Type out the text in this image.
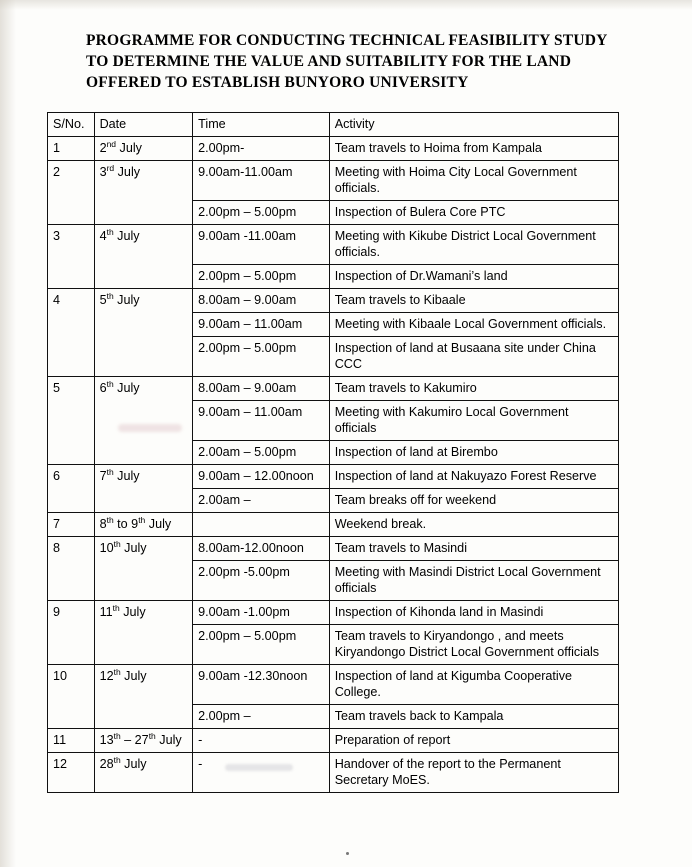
PROGRAMME FOR CONDUCTING TECHNICAL FEASIBILITY STUDY
TO DETERMINE THE VALUE AND SUITABILITY FOR THE LAND
OFFERED TO ESTABLISH BUNYORO UNIVERSITY
S/No.	Date	Time	Activity
1	2nd July	2.00pm-	Team travels to Hoima from Kampala
2	3rd July	9.00am-11.00am	Meeting with Hoima City Local Government officials.
		2.00pm – 5.00pm	Inspection of Bulera Core PTC
3	4th July	9.00am -11.00am	Meeting with Kikube District Local Government officials.
		2.00pm – 5.00pm	Inspection of Dr.Wamani’s land
4	5th July	8.00am – 9.00am	Team travels to Kibaale
		9.00am – 11.00am	Meeting with Kibaale Local Government officials.
		2.00pm – 5.00pm	Inspection of land at Busaana site under China CCC
5	6th July	8.00am – 9.00am	Team travels to Kakumiro
		9.00am – 11.00am	Meeting with Kakumiro Local Government officials
		2.00am – 5.00pm	Inspection of land at Birembo
6	7th July	9.00am – 12.00noon	Inspection of land at Nakuyazo Forest Reserve
		2.00am –	Team breaks off for weekend
7	8th to 9th July		Weekend break.
8	10th July	8.00am-12.00noon	Team travels to Masindi
		2.00pm -5.00pm	Meeting with Masindi District Local Government officials
9	11th July	9.00am -1.00pm	Inspection of Kihonda land in Masindi
		2.00pm – 5.00pm	Team travels to Kiryandongo , and meets Kiryandongo District Local Government officials
10	12th July	9.00am -12.30noon	Inspection of land at Kigumba Cooperative College.
		2.00pm –	Team travels back to Kampala
11	13th – 27th July	-	Preparation of report
12	28th July	-	Handover of the report to the Permanent Secretary MoES.
